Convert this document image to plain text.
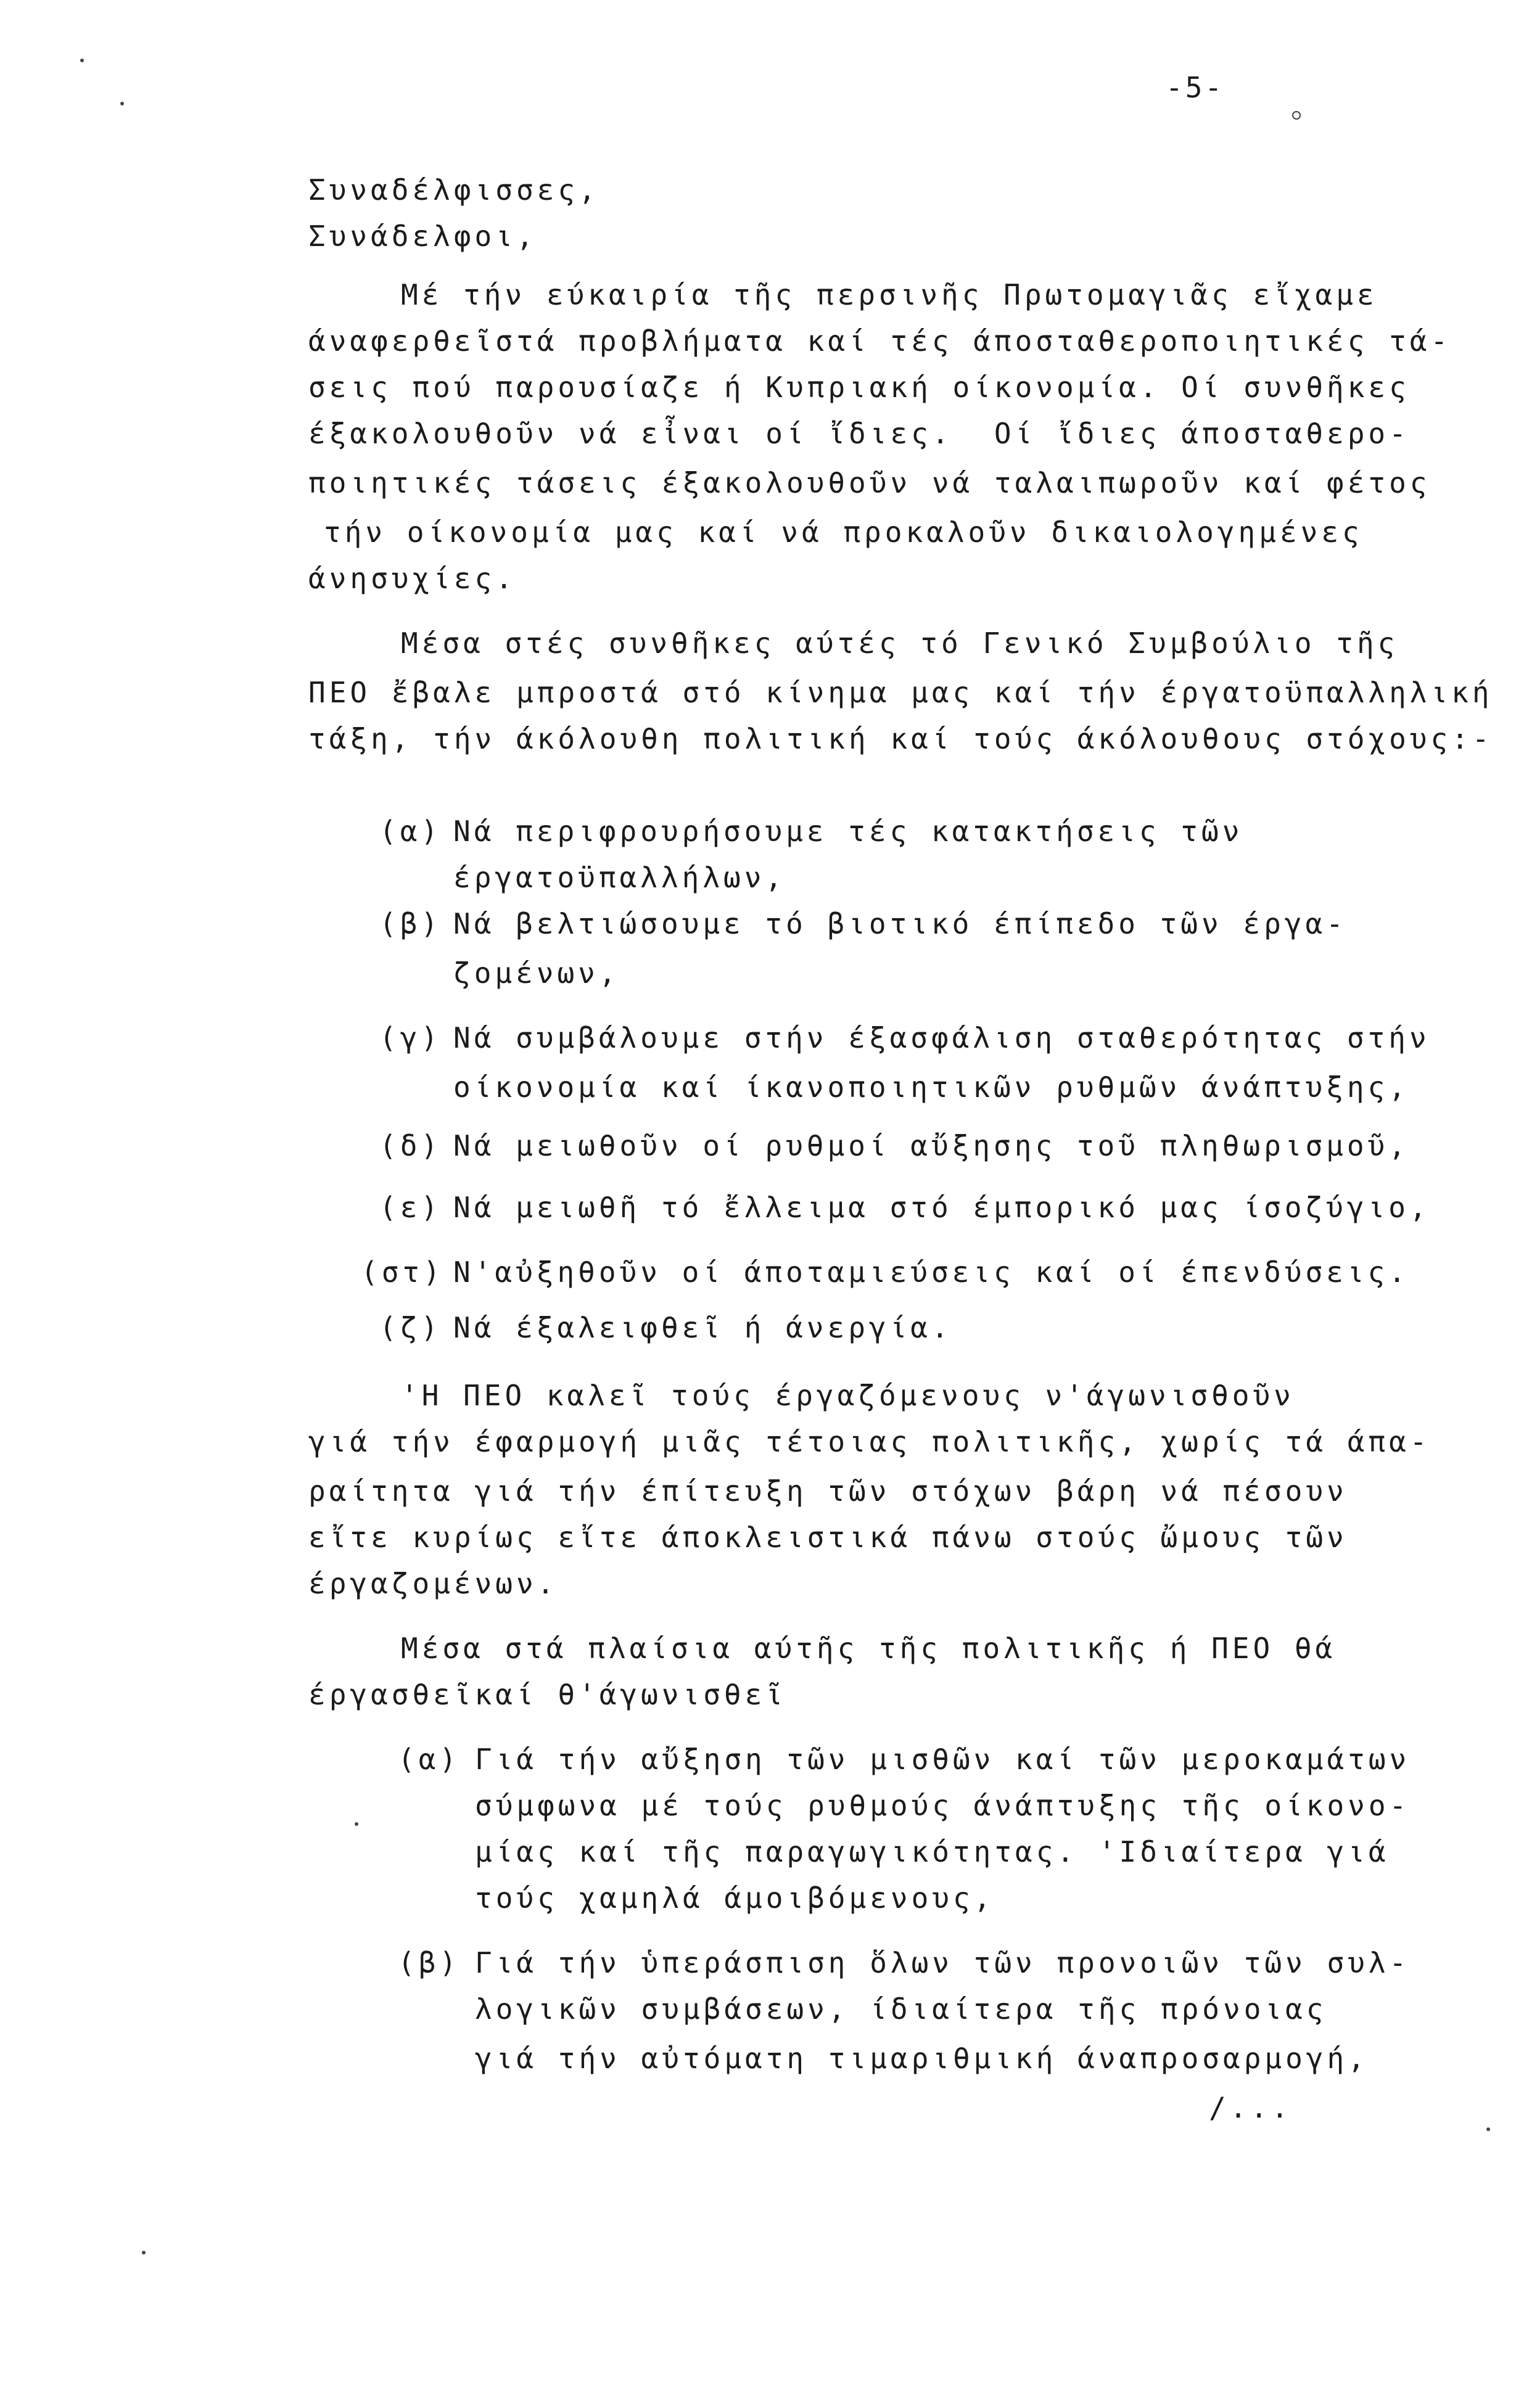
-5-
Συναδέλφισσες,
Συνάδελφοι,
Μέ τήν εύκαιρία τῆς περσινῆς Πρωτομαγιᾶς εἴχαμε
άναφερθεῖστά προβλήματα καί τές άποσταθεροποιητικές τά-
σεις πού παρουσίαζε ή Κυπριακή οίκονομία. Οί συνθῆκες
έξακολουθοῦν νά εἶναι οί ἴδιες.  Οί ἴδιες άποσταθερο-
ποιητικές τάσεις έξακολουθοῦν νά ταλαιπωροῦν καί φέτος
τήν οίκονομία μας καί νά προκαλοῦν δικαιολογημένες
άνησυχίες.
Μέσα στές συνθῆκες αύτές τό Γενικό Συμβούλιο τῆς
ΠΕΟ ἔβαλε μπροστά στό κίνημα μας καί τήν έργατοϋπαλληλική
τάξη, τήν άκόλουθη πολιτική καί τούς άκόλουθους στόχους:-
(α) Νά περιφρουρήσουμε τές κατακτήσεις τῶν
έργατοϋπαλλήλων,
(β) Νά βελτιώσουμε τό βιοτικό έπίπεδο τῶν έργα-
ζομένων,
(γ) Νά συμβάλουμε στήν έξασφάλιση σταθερότητας στήν
οίκονομία καί ίκανοποιητικῶν ρυθμῶν άνάπτυξης,
(δ) Νά μειωθοῦν οί ρυθμοί αὔξησης τοῦ πληθωρισμοῦ,
(ε) Νά μειωθῆ τό ἔλλειμα στό έμπορικό μας ίσοζύγιο,
(στ) Ν'αὐξηθοῦν οί άποταμιεύσεις καί οί έπενδύσεις.
(ζ) Νά έξαλειφθεῖ ή άνεργία.
'Η ΠΕΟ καλεῖ τούς έργαζόμενους ν'άγωνισθοῦν
γιά τήν έφαρμογή μιᾶς τέτοιας πολιτικῆς, χωρίς τά άπα-
ραίτητα γιά τήν έπίτευξη τῶν στόχων βάρη νά πέσουν
εἴτε κυρίως εἴτε άποκλειστικά πάνω στούς ὤμους τῶν
έργαζομένων.
Μέσα στά πλαίσια αύτῆς τῆς πολιτικῆς ή ΠΕΟ θά
έργασθεῖκαί θ'άγωνισθεῖ
(α) Γιά τήν αὔξηση τῶν μισθῶν καί τῶν μεροκαμάτων
σύμφωνα μέ τούς ρυθμούς άνάπτυξης τῆς οίκονο-
μίας καί τῆς παραγωγικότητας. 'Ιδιαίτερα γιά
τούς χαμηλά άμοιβόμενους,
(β) Γιά τήν ὑπεράσπιση ὅλων τῶν προνοιῶν τῶν συλ-
λογικῶν συμβάσεων, ίδιαίτερα τῆς πρόνοιας
γιά τήν αὐτόματη τιμαριθμική άναπροσαρμογή,
/...
